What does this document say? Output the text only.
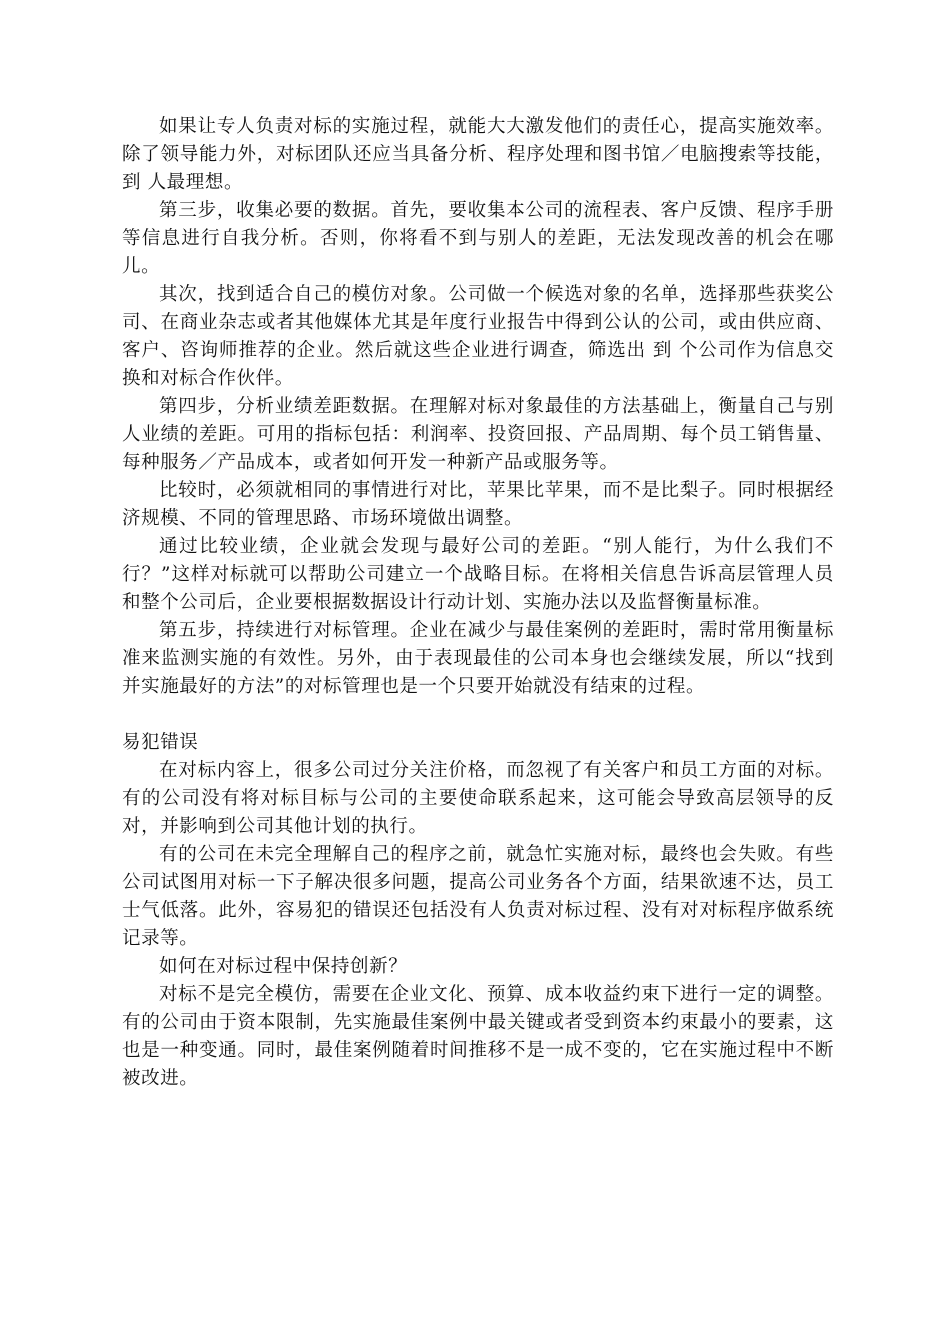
如果让专人负责对标的实施过程，就能大大激发他们的责任心，提高实施效率。除了领导能力外，对标团队还应当具备分析、程序处理和图书馆／电脑搜索等技能， 到 人最理想。

第三步，收集必要的数据。首先，要收集本公司的流程表、客户反馈、程序手册等信息进行自我分析。否则，你将看不到与别人的差距，无法发现改善的机会在哪儿。

其次，找到适合自己的模仿对象。公司做一个候选对象的名单，选择那些获奖公司、在商业杂志或者其他媒体尤其是年度行业报告中得到公认的公司，或由供应商、客户、咨询师推荐的企业。然后就这些企业进行调查，筛选出 到 个公司作为信息交换和对标合作伙伴。

第四步，分析业绩差距数据。在理解对标对象最佳的方法基础上，衡量自己与别人业绩的差距。可用的指标包括：利润率、投资回报、产品周期、每个员工销售量、每种服务／产品成本，或者如何开发一种新产品或服务等。

比较时，必须就相同的事情进行对比，苹果比苹果，而不是比梨子。同时根据经济规模、不同的管理思路、市场环境做出调整。

通过比较业绩，企业就会发现与最好公司的差距。“别人能行，为什么我们不行？”这样对标就可以帮助公司建立一个战略目标。在将相关信息告诉高层管理人员和整个公司后，企业要根据数据设计行动计划、实施办法以及监督衡量标准。

第五步，持续进行对标管理。企业在减少与最佳案例的差距时，需时常用衡量标准来监测实施的有效性。另外，由于表现最佳的公司本身也会继续发展，所以“找到并实施最好的方法”的对标管理也是一个只要开始就没有结束的过程。

易犯错误

在对标内容上，很多公司过分关注价格，而忽视了有关客户和员工方面的对标。有的公司没有将对标目标与公司的主要使命联系起来，这可能会导致高层领导的反对，并影响到公司其他计划的执行。

有的公司在未完全理解自己的程序之前，就急忙实施对标，最终也会失败。有些公司试图用对标一下子解决很多问题，提高公司业务各个方面，结果欲速不达，员工士气低落。此外，容易犯的错误还包括没有人负责对标过程、没有对对标程序做系统记录等。

如何在对标过程中保持创新？

对标不是完全模仿，需要在企业文化、预算、成本收益约束下进行一定的调整。有的公司由于资本限制，先实施最佳案例中最关键或者受到资本约束最小的要素，这也是一种变通。同时，最佳案例随着时间推移不是一成不变的，它在实施过程中不断被改进。
